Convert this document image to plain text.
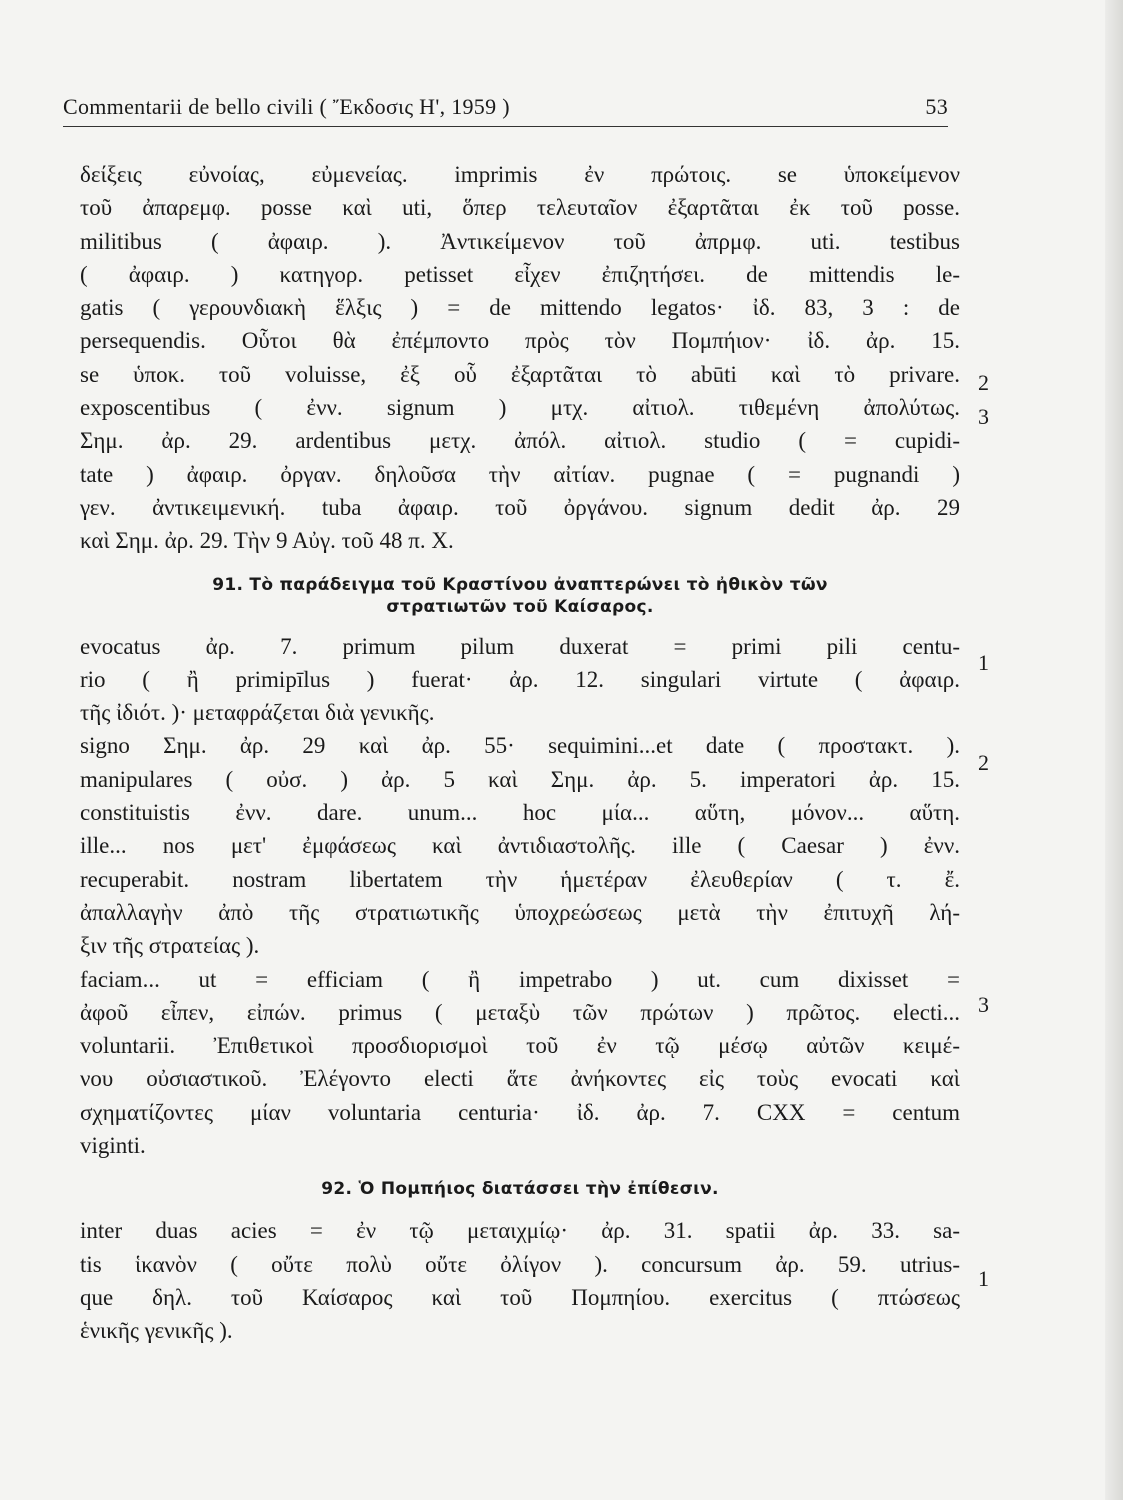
Commentarii de bello civili ( Ἔκδοσις Η', 1959 )	53
δείξεις εὐνοίας, εὐμενείας. imprimis ἐν πρώτοις. se ὑποκείμενον
τοῦ ἀπαρεμφ. posse καὶ uti, ὅπερ τελευταῖον ἐξαρτᾶται ἐκ τοῦ posse.
militibus ( ἀφαιρ. ). Ἀντικείμενον τοῦ ἀπρμφ. uti. testibus
( ἀφαιρ. ) κατηγορ. petisset εἶχεν ἐπιζητήσει. de mittendis le-
gatis ( γερουνδιακὴ ἕλξις ) = de mittendo legatos· ἰδ. 83, 3 : de
persequendis. Οὗτοι θὰ ἐπέμποντο πρὸς τὸν Πομπήιον· ἰδ. ἀρ. 15.
se ὑποκ. τοῦ voluisse, ἐξ οὗ ἐξαρτᾶται τὸ abūti καὶ τὸ privare.
exposcentibus ( ἐνν. signum ) μτχ. αἰτιολ. τιθεμένη ἀπολύτως.
Σημ. ἀρ. 29. ardentibus μετχ. ἀπόλ. αἰτιολ. studio ( = cupidi-
tate ) ἀφαιρ. ὀργαν. δηλοῦσα τὴν αἰτίαν. pugnae ( = pugnandi )
γεν. ἀντικειμενική. tuba ἀφαιρ. τοῦ ὀργάνου. signum dedit ἀρ. 29
καὶ Σημ. ἀρ. 29. Τὴν 9 Αὐγ. τοῦ 48 π. Χ.
91. Τὸ παράδειγμα τοῦ Κραστίνου ἀναπτερώνει τὸ ἠθικὸν τῶν
στρατιωτῶν τοῦ Καίσαρος.
evocatus ἀρ. 7. primum pilum duxerat = primi pili centu-
rio ( ἢ primipīlus ) fuerat· ἀρ. 12. singulari virtute ( ἀφαιρ.
τῆς ἰδιότ. )· μεταφράζεται διὰ γενικῆς.
signo Σημ. ἀρ. 29 καὶ ἀρ. 55· sequimini...et date ( προστακτ. ).
manipulares ( οὐσ. ) ἀρ. 5 καὶ Σημ. ἀρ. 5. imperatori ἀρ. 15.
constituistis ἐνν. dare. unum... hoc μία... αὕτη, μόνον... αὕτη.
ille... nos μετ' ἐμφάσεως καὶ ἀντιδιαστολῆς. ille ( Caesar ) ἐνν.
recuperabit. nostram libertatem τὴν ἡμετέραν ἐλευθερίαν ( τ. ἔ.
ἀπαλλαγὴν ἀπὸ τῆς στρατιωτικῆς ὑποχρεώσεως μετὰ τὴν ἐπιτυχῆ λή-
ξιν τῆς στρατείας ).
faciam... ut = efficiam ( ἢ impetrabo ) ut. cum dixisset =
ἀφοῦ εἶπεν, εἰπών. primus ( μεταξὺ τῶν πρώτων ) πρῶτος. electi...
voluntarii. Ἐπιθετικοὶ προσδιορισμοὶ τοῦ ἐν τῷ μέσῳ αὐτῶν κειμέ-
νου οὐσιαστικοῦ. Ἐλέγοντο electi ἅτε ἀνήκοντες εἰς τοὺς evocati καὶ
σχηματίζοντες μίαν voluntaria centuria· ἰδ. ἀρ. 7. CXX = centum
viginti.
92. Ὁ Πομπήιος διατάσσει τὴν ἐπίθεσιν.
inter duas acies = ἐν τῷ μεταιχμίῳ· ἀρ. 31. spatii ἀρ. 33. sa-
tis ἱκανὸν ( οὔτε πολὺ οὔτε ὀλίγον ). concursum ἀρ. 59. utrius-
que δηλ. τοῦ Καίσαρος καὶ τοῦ Πομπηίου. exercitus ( πτώσεως
ἑνικῆς γενικῆς ).
2
3
1
2
3
1
